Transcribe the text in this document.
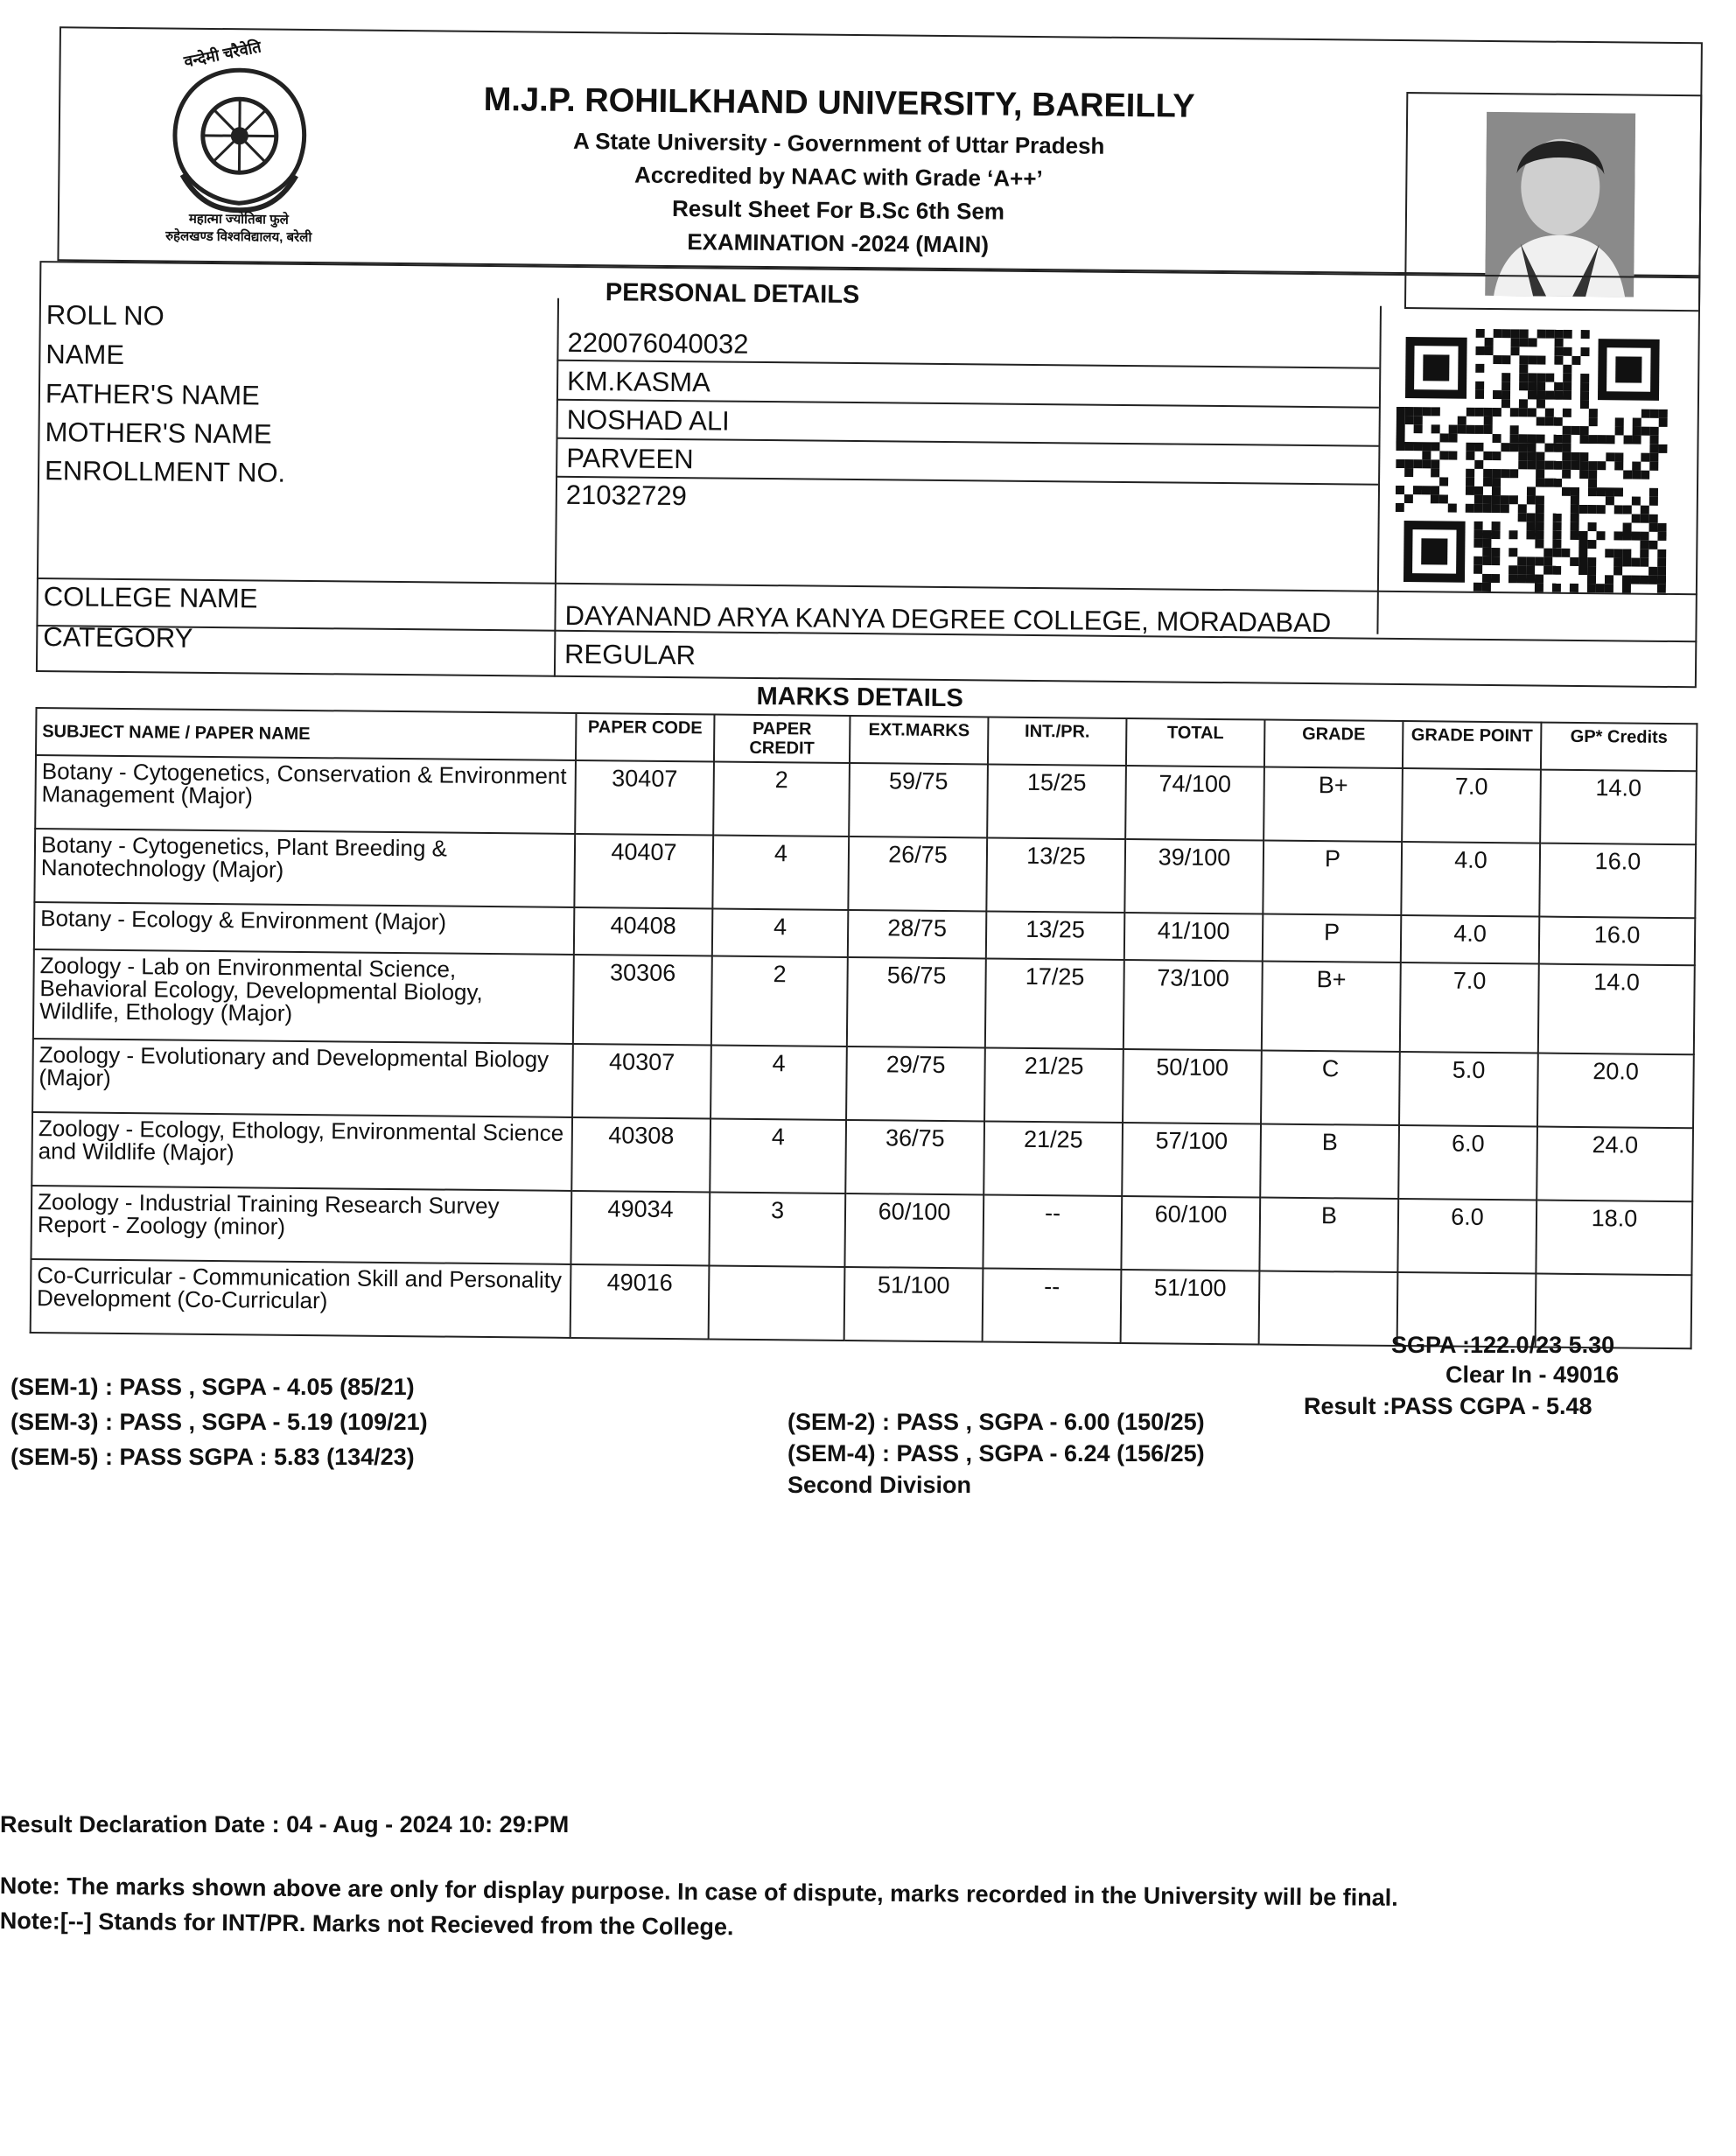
वन्देमी चरैवेति
महात्मा ज्योतिबा फुले
रुहेलखण्ड विश्वविद्यालय, बरेली
M.J.P. ROHILKHAND UNIVERSITY, BAREILLY
A State University - Government of Uttar Pradesh
Accredited by NAAC with Grade ‘A++’
Result Sheet For B.Sc 6th Sem
EXAMINATION -2024 (MAIN)
PERSONAL DETAILS
ROLL NO
220076040032
NAME
KM.KASMA
FATHER'S NAME
NOSHAD ALI
MOTHER'S NAME
PARVEEN
ENROLLMENT NO.
21032729
COLLEGE NAME
DAYANAND ARYA KANYA DEGREE COLLEGE, MORADABAD
CATEGORY
REGULAR
MARKS DETAILS
SUBJECT NAME / PAPER NAME	PAPER CODE	PAPER CREDIT	EXT.MARKS	INT./PR.	TOTAL	GRADE	GRADE POINT	GP* Credits
Botany - Cytogenetics, Conservation & Environment Management (Major)	30407	2	59/75	15/25	74/100	B+	7.0	14.0
Botany - Cytogenetics, Plant Breeding & Nanotechnology (Major)	40407	4	26/75	13/25	39/100	P	4.0	16.0
Botany - Ecology & Environment (Major)	40408	4	28/75	13/25	41/100	P	4.0	16.0
Zoology - Lab on Environmental Science, Behavioral Ecology, Developmental Biology, Wildlife, Ethology (Major)	30306	2	56/75	17/25	73/100	B+	7.0	14.0
Zoology - Evolutionary and Developmental Biology (Major)	40307	4	29/75	21/25	50/100	C	5.0	20.0
Zoology - Ecology, Ethology, Environmental Science and Wildlife (Major)	40308	4	36/75	21/25	57/100	B	6.0	24.0
Zoology - Industrial Training Research Survey Report - Zoology (minor)	49034	3	60/100	--	60/100	B	6.0	18.0
Co-Curricular - Communication Skill and Personality Development (Co-Curricular)	49016		51/100	--	51/100			
SGPA :122.0/23 5.30
Clear In - 49016
Result :PASS CGPA - 5.48
(SEM-1) : PASS , SGPA - 4.05 (85/21)
(SEM-3) : PASS , SGPA - 5.19 (109/21)
(SEM-5) : PASS SGPA : 5.83 (134/23)
(SEM-2) : PASS , SGPA - 6.00 (150/25)
(SEM-4) : PASS , SGPA - 6.24 (156/25)
Second Division
Result Declaration Date : 04 - Aug - 2024 10: 29:PM
Note: The marks shown above are only for display purpose. In case of dispute, marks recorded in the University will be final.
Note:[--] Stands for INT/PR. Marks not Recieved from the College.
